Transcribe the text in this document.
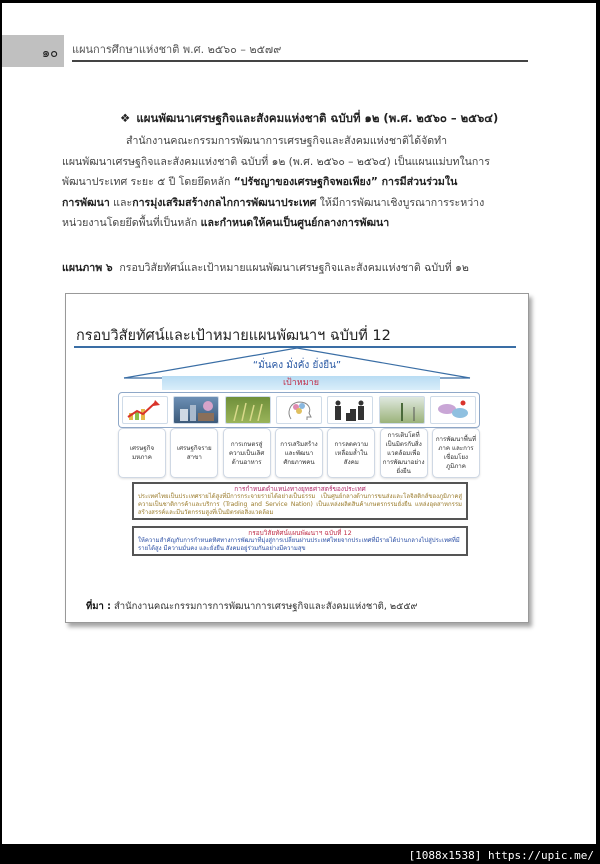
๑๐ แผนการศึกษาแห่งชาติ พ.ศ. ๒๕๖๐ – ๒๕๗๙
❖ แผนพัฒนาเศรษฐกิจและสังคมแห่งชาติ ฉบับที่ ๑๒ (พ.ศ. ๒๕๖๐ – ๒๕๖๔)
สำนักงานคณะกรรมการพัฒนาการเศรษฐกิจและสังคมแห่งชาติได้จัดทำ
แผนพัฒนาเศรษฐกิจและสังคมแห่งชาติ ฉบับที่ ๑๒ (พ.ศ. ๒๕๖๐ – ๒๕๖๔) เป็นแผนแม่บทในการ
พัฒนาประเทศ ระยะ ๕ ปี โดยยึดหลัก “ปรัชญาของเศรษฐกิจพอเพียง” การมีส่วนร่วมใน
การพัฒนา และการมุ่งเสริมสร้างกลไกการพัฒนาประเทศ ให้มีการพัฒนาเชิงบูรณาการระหว่าง
หน่วยงานโดยยึดพื้นที่เป็นหลัก และกำหนดให้คนเป็นศูนย์กลางการพัฒนา
แผนภาพ ๖ กรอบวิสัยทัศน์และเป้าหมายแผนพัฒนาเศรษฐกิจและสังคมแห่งชาติ ฉบับที่ ๑๒
กรอบวิสัยทัศน์และเป้าหมายแผนพัฒนาฯ ฉบับที่ 12
“มั่นคง มั่งคั่ง ยั่งยืน”
เป้าหมาย
เศรษฐกิจมหภาค
เศรษฐกิจรายสาขา
การเกษตรสู่ความเป็นเลิศด้านอาหาร
การเสริมสร้างและพัฒนาศักยภาพคน
การลดความเหลื่อมล้ำในสังคม
การเติบโตที่เป็นมิตรกับสิ่งแวดล้อมเพื่อการพัฒนาอย่างยั่งยืน
การพัฒนาพื้นที่ ภาค และการเชื่อมโยงภูมิภาค
การกำหนดตำแหน่งทางยุทธศาสตร์ของประเทศ
ประเทศไทยเป็นประเทศรายได้สูงที่มีการกระจายรายได้อย่างเป็นธรรม เป็นศูนย์กลางด้านการขนส่งและโลจิสติกส์ของภูมิภาคสู่ความเป็นชาติการค้าและบริการ (Trading and Service Nation) เป็นแหล่งผลิตสินค้าเกษตรกรรมยั่งยืน แหล่งอุตสาหกรรมสร้างสรรค์และมีนวัตกรรมสูงที่เป็นมิตรต่อสิ่งแวดล้อม
กรอบวิสัยทัศน์แผนพัฒนาฯ ฉบับที่ 12
ให้ความสำคัญกับการกำหนดทิศทางการพัฒนาที่มุ่งสู่การเปลี่ยนผ่านประเทศไทยจากประเทศที่มีรายได้ปานกลางไปสู่ประเทศที่มีรายได้สูง มีความมั่นคง และยั่งยืน สังคมอยู่ร่วมกันอย่างมีความสุข
ที่มา : สำนักงานคณะกรรมการการพัฒนาการเศรษฐกิจและสังคมแห่งชาติ, ๒๕๕๙
[1088x1538] https://upic.me/
